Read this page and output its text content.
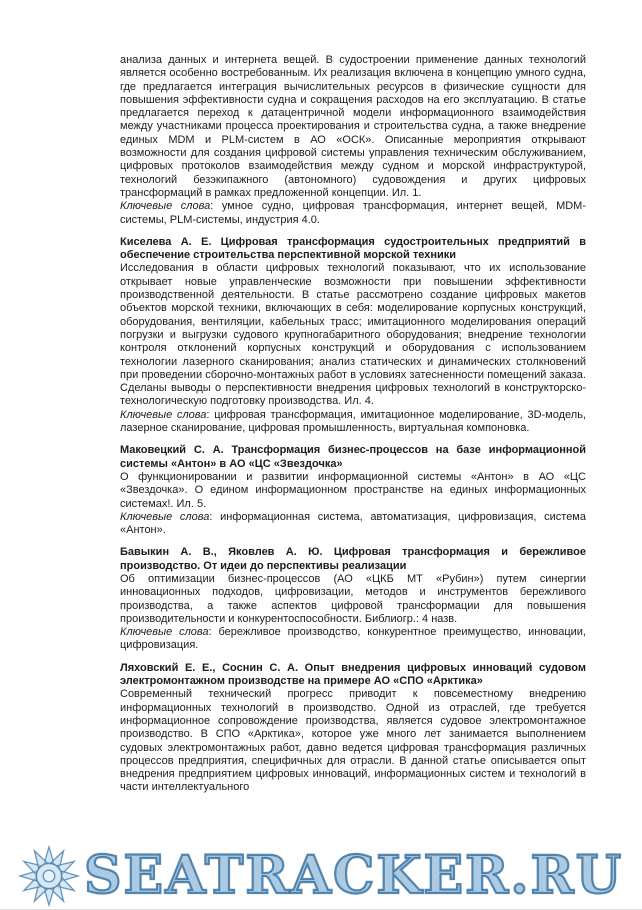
анализа данных и интернета вещей. В судостроении применение данных технологий является особенно востребованным. Их реализация включена в концепцию умного судна, где предлагается интеграция вычислительных ресурсов в физические сущности для повышения эффективности судна и сокращения расходов на его эксплуатацию. В статье предлагается переход к датацентричной модели информационного взаимодействия между участниками процесса проектирования и строительства судна, а также внедрение единых MDM и PLM-систем в АО «ОСК». Описанные мероприятия открывают возможности для создания цифровой системы управления техническим обслуживанием, цифровых протоколов взаимодействия между судном и морской инфраструктурой, технологий безэкипажного (автономного) судовождения и других цифровых трансформаций в рамках предложенной концепции. Ил. 1.

Ключевые слова: умное судно, цифровая трансформация, интернет вещей, MDM-системы, PLM-системы, индустрия 4.0.

Киселева А. Е. Цифровая трансформация судостроительных предприятий в обеспечение строительства перспективной морской техники

Исследования в области цифровых технологий показывают, что их использование открывает новые управленческие возможности при повышении эффективности производственной деятельности. В статье рассмотрено создание цифровых макетов объектов морской техники, включающих в себя: моделирование корпусных конструкций, оборудования, вентиляции, кабельных трасс; имитационного моделирования операций погрузки и выгрузки судового крупногабаритного оборудования; внедрение технологии контроля отклонений корпусных конструкций и оборудования с использованием технологии лазерного сканирования; анализ статических и динамических столкновений при проведении сборочно-монтажных работ в условиях затесненности помещений заказа. Сделаны выводы о перспективности внедрения цифровых технологий в конструкторско-технологическую подготовку производства. Ил. 4.

Ключевые слова: цифровая трансформация, имитационное моделирование, 3D-модель, лазерное сканирование, цифровая промышленность, виртуальная компоновка.

Маковецкий С. А. Трансформация бизнес-процессов на базе информационной системы «Антон» в АО «ЦС «Звездочка»

О функционировании и развитии информационной системы «Антон» в АО «ЦС «Звездочка». О едином информационном пространстве на единых информационных системах!. Ил. 5.

Ключевые слова: информационная система, автоматизация, цифровизация, система «Антон».

Бавыкин А. В., Яковлев А. Ю. Цифровая трансформация и бережливое производство. От идеи до перспективы реализации

Об оптимизации бизнес-процессов (АО «ЦКБ МТ «Рубин») путем синергии инновационных подходов, цифровизации, методов и инструментов бережливого производства, а также аспектов цифровой трансформации для повышения производительности и конкурентоспособности. Библиогр.: 4 назв.

Ключевые слова: бережливое производство, конкурентное преимущество, инновации, цифровизация.

Ляховский Е. Е., Соснин С. А. Опыт внедрения цифровых инноваций судовом электромонтажном производстве на примере АО «СПО «Арктика»

Современный технический прогресс приводит к повсеместному внедрению информационных технологий в производство. Одной из отраслей, где требуется информационное сопровождение производства, является судовое электромонтажное производство. В СПО «Арктика», которое уже много лет занимается выполнением судовых электромонтажных работ, давно ведется цифровая трансформация различных процессов предприятия, специфичных для отрасли. В данной статье описывается опыт внедрения предприятием цифровых инноваций, информационных систем и технологий в части интеллектуального

SEATRACKER.RU
